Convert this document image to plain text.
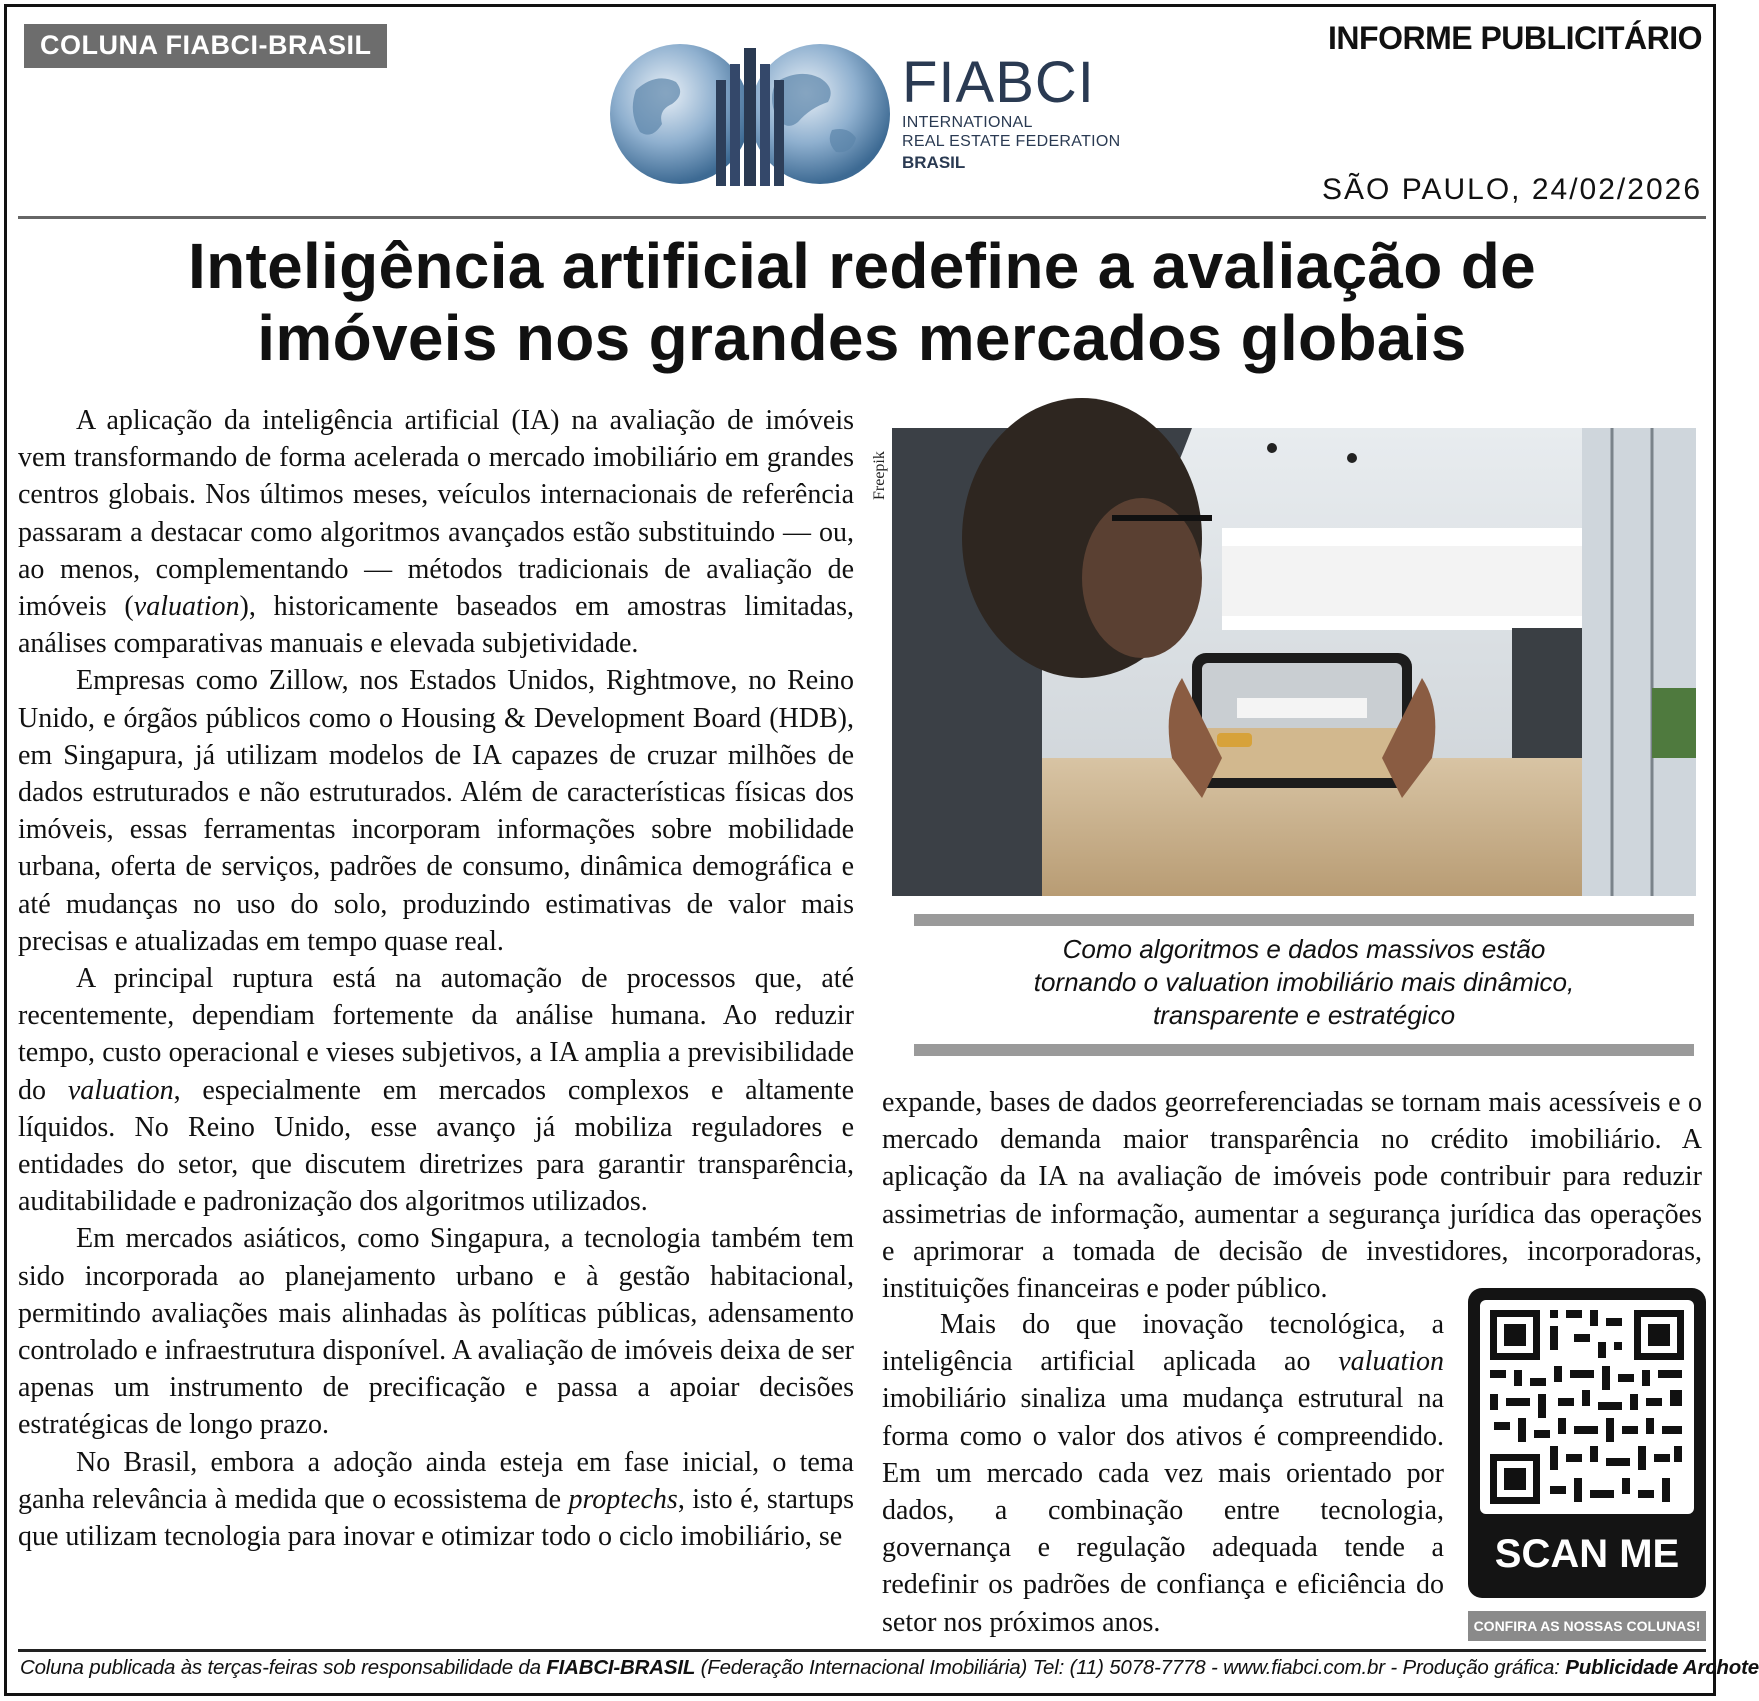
COLUNA FIABCI-BRASIL	INFORME PUBLICITÁRIO
FIABCI
INTERNATIONAL
REAL ESTATE FEDERATION
BRASIL
SÃO PAULO, 24/02/2026
Inteligência artificial redefine a avaliação de
imóveis nos grandes mercados globais

A aplicação da inteligência artificial (IA) na avaliação de imóveis vem transformando de forma acelerada o mercado imobiliário em grandes centros globais. Nos últimos meses, veículos internacionais de referência passaram a destacar como algoritmos avançados estão substituindo — ou, ao menos, complementando — métodos tradicionais de avaliação de imóveis (valuation), historicamente baseados em amostras limitadas, análises comparativas manuais e elevada subjetividade.

Empresas como Zillow, nos Estados Unidos, Rightmove, no Reino Unido, e órgãos públicos como o Housing & Development Board (HDB), em Singapura, já utilizam modelos de IA capazes de cruzar milhões de dados estruturados e não estruturados. Além de características físicas dos imóveis, essas ferramentas incorporam informações sobre mobilidade urbana, oferta de serviços, padrões de consumo, dinâmica demográfica e até mudanças no uso do solo, produzindo estimativas de valor mais precisas e atualizadas em tempo quase real.

A principal ruptura está na automação de processos que, até recentemente, dependiam fortemente da análise humana. Ao reduzir tempo, custo operacional e vieses subjetivos, a IA amplia a previsibilidade do valuation, especialmente em mercados complexos e altamente líquidos. No Reino Unido, esse avanço já mobiliza reguladores e entidades do setor, que discutem diretrizes para garantir transparência, auditabilidade e padronização dos algoritmos utilizados.

Em mercados asiáticos, como Singapura, a tecnologia também tem sido incorporada ao planejamento urbano e à gestão habitacional, permitindo avaliações mais alinhadas às políticas públicas, adensamento controlado e infraestrutura disponível. A avaliação de imóveis deixa de ser apenas um instrumento de precificação e passa a apoiar decisões estratégicas de longo prazo.

No Brasil, embora a adoção ainda esteja em fase inicial, o tema ganha relevância à medida que o ecossistema de proptechs, isto é, startups que utilizam tecnologia para inovar e otimizar todo o ciclo imobiliário, se

Freepik
Como algoritmos e dados massivos estão
tornando o valuation imobiliário mais dinâmico,
transparente e estratégico

expande, bases de dados georreferenciadas se tornam mais acessíveis e o mercado demanda maior transparência no crédito imobiliário. A aplicação da IA na avaliação de imóveis pode contribuir para reduzir assimetrias de informação, aumentar a segurança jurídica das operações e aprimorar a tomada de decisão de investidores, incorporadoras, instituições financeiras e poder público.

Mais do que inovação tecnológica, a inteligência artificial aplicada ao valuation imobiliário sinaliza uma mudança estrutural na forma como o valor dos ativos é compreendido. Em um mercado cada vez mais orientado por dados, a combinação entre tecnologia, governança e regulação adequada tende a redefinir os padrões de confiança e eficiência do setor nos próximos anos.

SCAN ME
CONFIRA AS NOSSAS COLUNAS!
Coluna publicada às terças-feiras sob responsabilidade da FIABCI-BRASIL (Federação Internacional Imobiliária) Tel: (11) 5078-7778 - www.fiabci.com.br - Produção gráfica: Publicidade Archote
